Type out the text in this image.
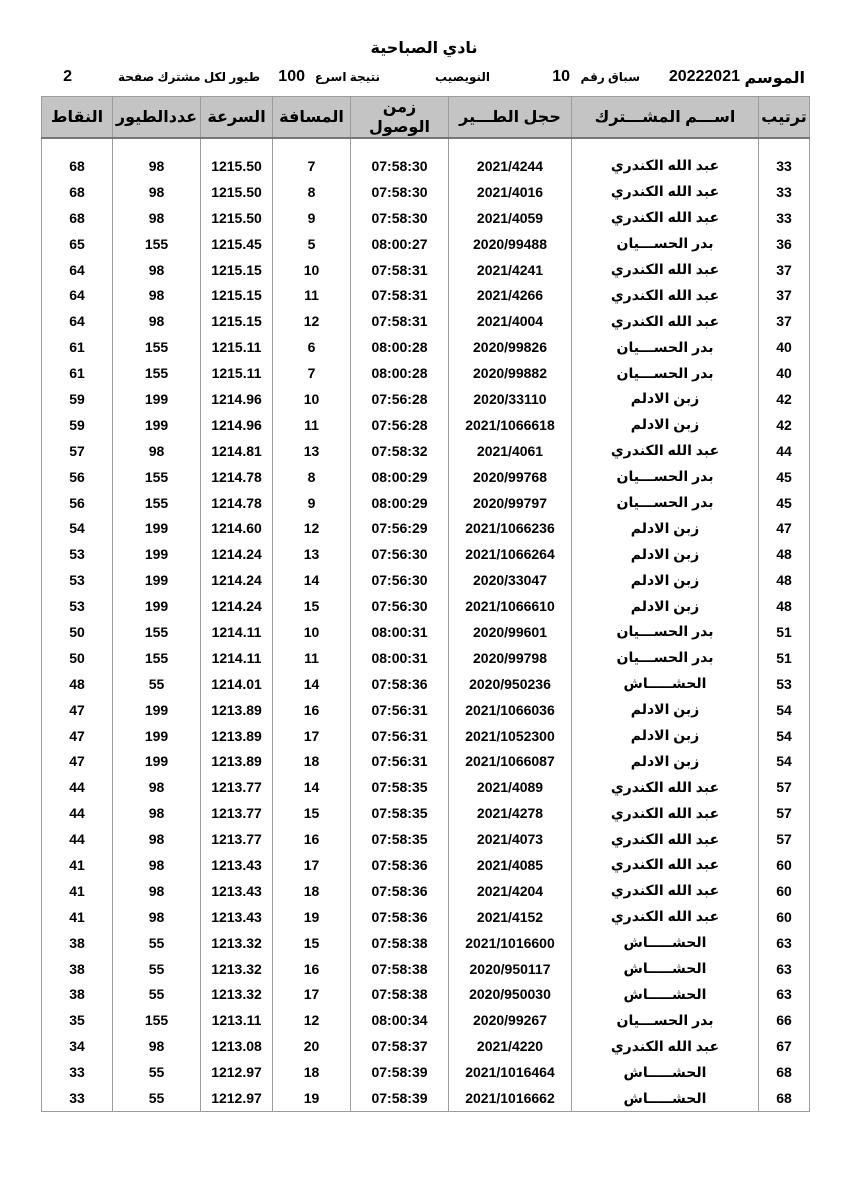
نادي الصباحية
الموسم
20222021
سباق رقم
10
النويصيب
نتيجة اسرع
100
طيور لكل مشترك صفحة
2
ترتيب	اســـم المشـــترك	حجل الطـــير	زمن الوصول	المسافة	السرعة	عددالطيور	النقاط

33	عبد الله الكندري	2021/4244	07:58:30	7	1215.50	98	68
33	عبد الله الكندري	2021/4016	07:58:30	8	1215.50	98	68
33	عبد الله الكندري	2021/4059	07:58:30	9	1215.50	98	68
36	بدر الحســـيان	2020/99488	08:00:27	5	1215.45	155	65
37	عبد الله الكندري	2021/4241	07:58:31	10	1215.15	98	64
37	عبد الله الكندري	2021/4266	07:58:31	11	1215.15	98	64
37	عبد الله الكندري	2021/4004	07:58:31	12	1215.15	98	64
40	بدر الحســـيان	2020/99826	08:00:28	6	1215.11	155	61
40	بدر الحســـيان	2020/99882	08:00:28	7	1215.11	155	61
42	زبن الادلم	2020/33110	07:56:28	10	1214.96	199	59
42	زبن الادلم	2021/1066618	07:56:28	11	1214.96	199	59
44	عبد الله الكندري	2021/4061	07:58:32	13	1214.81	98	57
45	بدر الحســـيان	2020/99768	08:00:29	8	1214.78	155	56
45	بدر الحســـيان	2020/99797	08:00:29	9	1214.78	155	56
47	زبن الادلم	2021/1066236	07:56:29	12	1214.60	199	54
48	زبن الادلم	2021/1066264	07:56:30	13	1214.24	199	53
48	زبن الادلم	2020/33047	07:56:30	14	1214.24	199	53
48	زبن الادلم	2021/1066610	07:56:30	15	1214.24	199	53
51	بدر الحســـيان	2020/99601	08:00:31	10	1214.11	155	50
51	بدر الحســـيان	2020/99798	08:00:31	11	1214.11	155	50
53	الحشـــــاش	2020/950236	07:58:36	14	1214.01	55	48
54	زبن الادلم	2021/1066036	07:56:31	16	1213.89	199	47
54	زبن الادلم	2021/1052300	07:56:31	17	1213.89	199	47
54	زبن الادلم	2021/1066087	07:56:31	18	1213.89	199	47
57	عبد الله الكندري	2021/4089	07:58:35	14	1213.77	98	44
57	عبد الله الكندري	2021/4278	07:58:35	15	1213.77	98	44
57	عبد الله الكندري	2021/4073	07:58:35	16	1213.77	98	44
60	عبد الله الكندري	2021/4085	07:58:36	17	1213.43	98	41
60	عبد الله الكندري	2021/4204	07:58:36	18	1213.43	98	41
60	عبد الله الكندري	2021/4152	07:58:36	19	1213.43	98	41
63	الحشـــــاش	2021/1016600	07:58:38	15	1213.32	55	38
63	الحشـــــاش	2020/950117	07:58:38	16	1213.32	55	38
63	الحشـــــاش	2020/950030	07:58:38	17	1213.32	55	38
66	بدر الحســـيان	2020/99267	08:00:34	12	1213.11	155	35
67	عبد الله الكندري	2021/4220	07:58:37	20	1213.08	98	34
68	الحشـــــاش	2021/1016464	07:58:39	18	1212.97	55	33
68	الحشـــــاش	2021/1016662	07:58:39	19	1212.97	55	33
